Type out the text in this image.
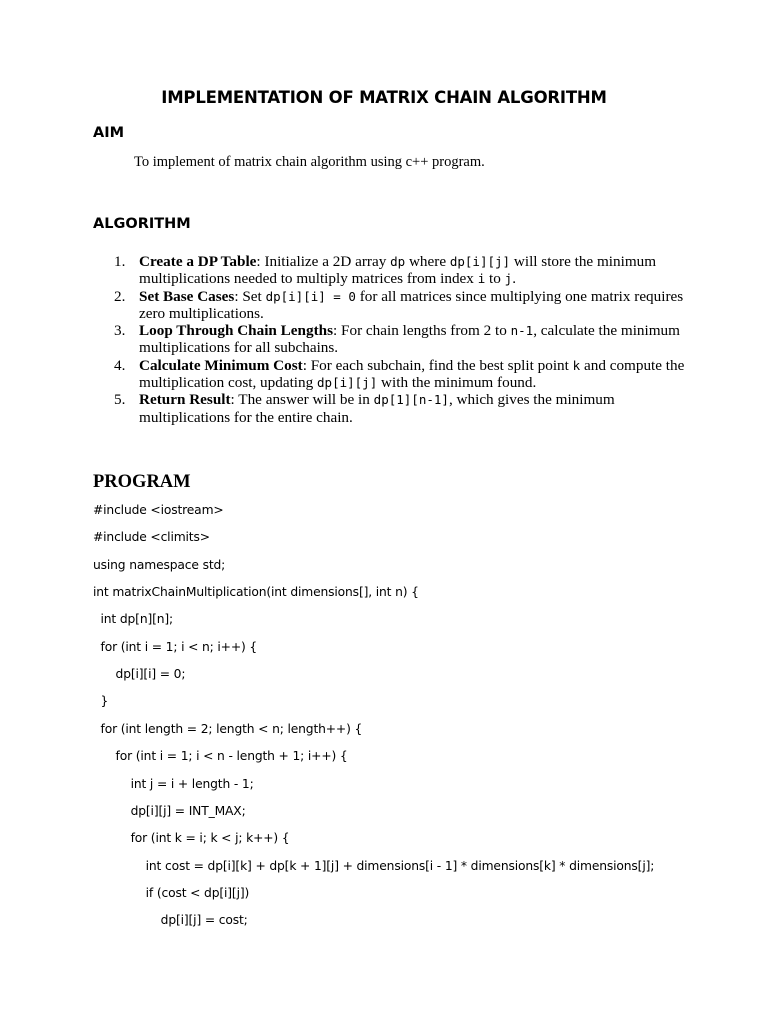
IMPLEMENTATION OF MATRIX CHAIN ALGORITHM
AIM
To implement of matrix chain algorithm using c++ program.
ALGORITHM
1. Create a DP Table: Initialize a 2D array dp where dp[i][j] will store the minimum multiplications needed to multiply matrices from index i to j.
2. Set Base Cases: Set dp[i][i] = 0 for all matrices since multiplying one matrix requires zero multiplications.
3. Loop Through Chain Lengths: For chain lengths from 2 to n-1, calculate the minimum multiplications for all subchains.
4. Calculate Minimum Cost: For each subchain, find the best split point k and compute the multiplication cost, updating dp[i][j] with the minimum found.
5. Return Result: The answer will be in dp[1][n-1], which gives the minimum multiplications for the entire chain.
PROGRAM
#include <iostream>
#include <climits>
using namespace std;
int matrixChainMultiplication(int dimensions[], int n) {
int dp[n][n];
for (int i = 1; i < n; i++) {
dp[i][i] = 0;
}
for (int length = 2; length < n; length++) {
for (int i = 1; i < n - length + 1; i++) {
int j = i + length - 1;
dp[i][j] = INT_MAX;
for (int k = i; k < j; k++) {
int cost = dp[i][k] + dp[k + 1][j] + dimensions[i - 1] * dimensions[k] * dimensions[j];
if (cost < dp[i][j])
dp[i][j] = cost;
